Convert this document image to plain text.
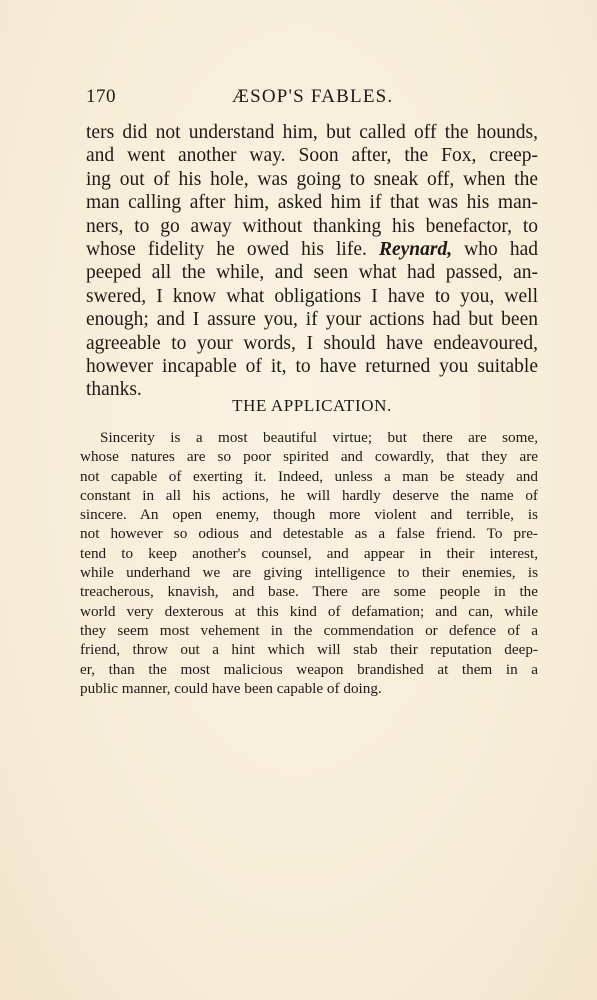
170	ÆSOP'S FABLES.
ters did not understand him, but called off the hounds,
and went another way. Soon after, the Fox, creep-
ing out of his hole, was going to sneak off, when the
man calling after him, asked him if that was his man-
ners, to go away without thanking his benefactor, to
whose fidelity he owed his life. Reynard, who had
peeped all the while, and seen what had passed, an-
swered, I know what obligations I have to you, well
enough; and I assure you, if your actions had but been
agreeable to your words, I should have endeavoured,
however incapable of it, to have returned you suitable
thanks.
THE APPLICATION.
Sincerity is a most beautiful virtue; but there are some,
whose natures are so poor spirited and cowardly, that they are
not capable of exerting it. Indeed, unless a man be steady and
constant in all his actions, he will hardly deserve the name of
sincere. An open enemy, though more violent and terrible, is
not however so odious and detestable as a false friend. To pre-
tend to keep another's counsel, and appear in their interest,
while underhand we are giving intelligence to their enemies, is
treacherous, knavish, and base. There are some people in the
world very dexterous at this kind of defamation; and can, while
they seem most vehement in the commendation or defence of a
friend, throw out a hint which will stab their reputation deep-
er, than the most malicious weapon brandished at them in a
public manner, could have been capable of doing.
